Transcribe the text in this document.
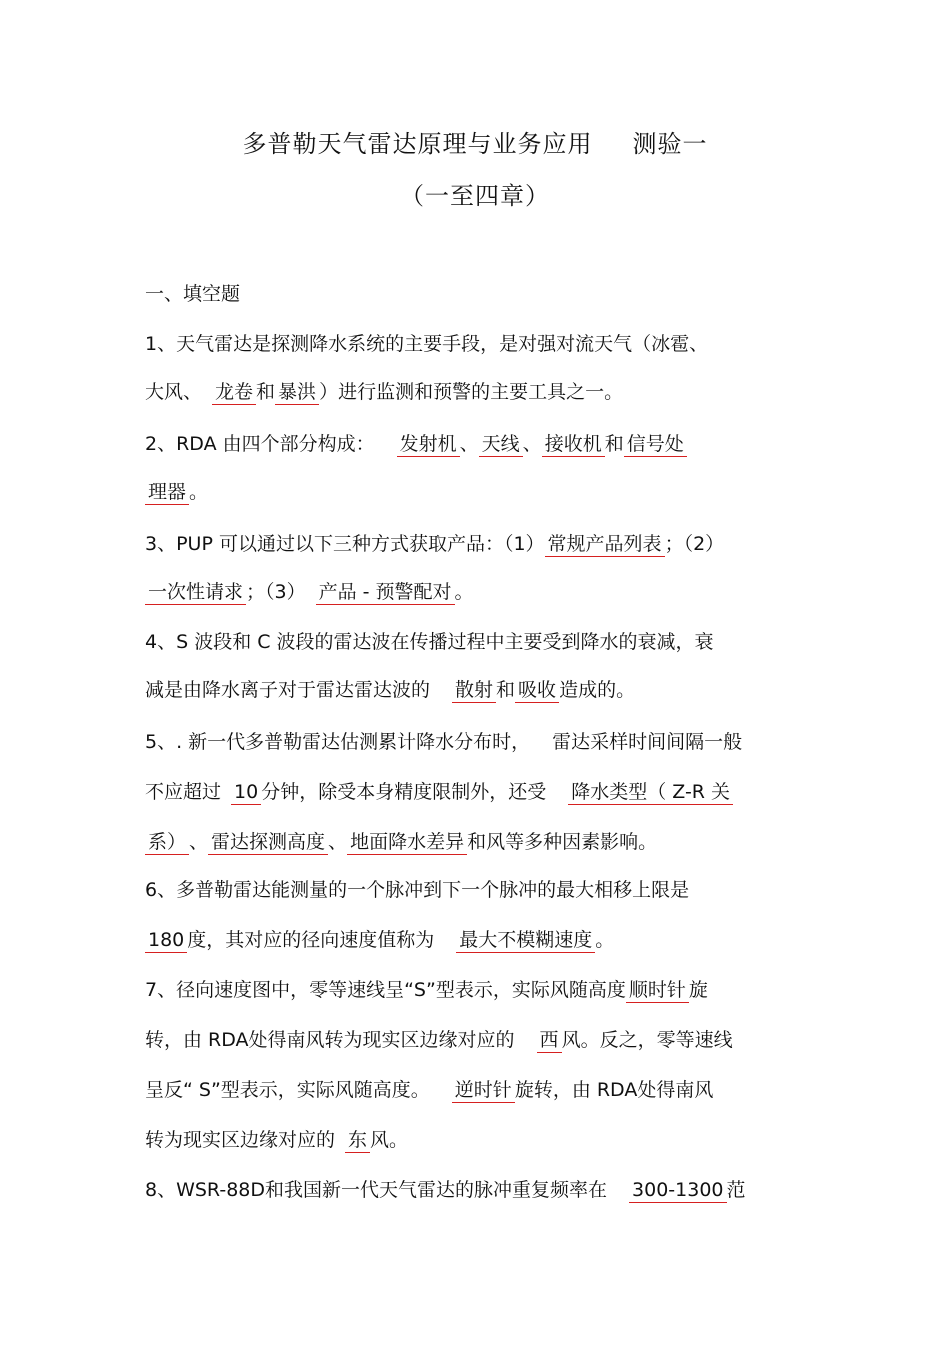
多普勒天气雷达原理与业务应用 测验一
（一至四章）
一、填空题
1、天气雷达是探测降水系统的主要手段，是对强对流天气（冰雹、
大风、 龙卷 和 暴洪 ）进行监测和预警的主要工具之一。
2、RDA 由四个部分构成： 发射机 、 天线 、 接收机 和 信号处
理器 。
3、PUP 可以通过以下三种方式获取产品：（1） 常规产品列表 ；（2）
一次性请求 ；（3） 产品 - 预警配对 。
4、S 波段和 C 波段的雷达波在传播过程中主要受到降水的衰减，衰
减是由降水离子对于雷达雷达波的 散射 和 吸收 造成的。
5、. 新一代多普勒雷达估测累计降水分布时， 雷达采样时间间隔一般
不应超过 10 分钟，除受本身精度限制外，还受 降水类型（ Z-R 关
系） 、 雷达探测高度 、 地面降水差异 和风等多种因素影响。
6、多普勒雷达能测量的一个脉冲到下一个脉冲的最大相移上限是
180 度，其对应的径向速度值称为 最大不模糊速度 。
7、径向速度图中，零等速线呈“S”型表示，实际风随高度 顺时针 旋
转，由 RDA处得南风转为现实区边缘对应的 西 风。反之，零等速线
呈反“ S”型表示，实际风随高度。 逆时针 旋转，由 RDA处得南风
转为现实区边缘对应的 东 风。
8、WSR-88D和我国新一代天气雷达的脉冲重复频率在 300-1300 范
